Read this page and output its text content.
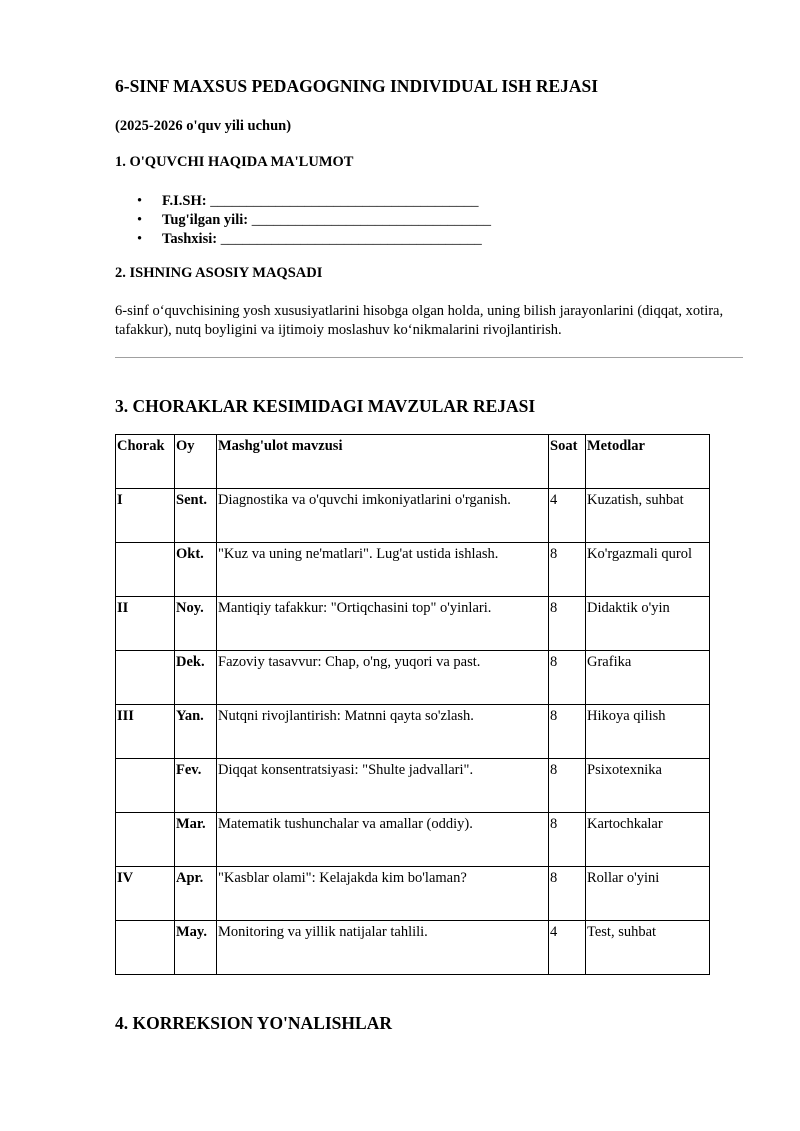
6-SINF MAXSUS PEDAGOGNING INDIVIDUAL ISH REJASI

(2025-2026 o'quv yili uchun)

1. O'QUVCHI HAQIDA MA'LUMOT
• F.I.SH: _____________________________________
• Tug'ilgan yili: _________________________________
• Tashxisi: ____________________________________
2. ISHNING ASOSIY MAQSADI

6-sinf o‘quvchisining yosh xususiyatlarini hisobga olgan holda, uning bilish jarayonlarini (diqqat, xotira, tafakkur), nutq boyligini va ijtimoiy moslashuv ko‘nikmalarini rivojlantirish.

3. CHORAKLAR KESIMIDAGI MAVZULAR REJASI
Chorak	Oy	Mashg'ulot mavzusi	Soat	Metodlar
I	Sent.	Diagnostika va o'quvchi imkoniyatlarini o'rganish.	4	Kuzatish, suhbat
	Okt.	"Kuz va uning ne'matlari". Lug'at ustida ishlash.	8	Ko'rgazmali qurol
II	Noy.	Mantiqiy tafakkur: "Ortiqchasini top" o'yinlari.	8	Didaktik o'yin
	Dek.	Fazoviy tasavvur: Chap, o'ng, yuqori va past.	8	Grafika
III	Yan.	Nutqni rivojlantirish: Matnni qayta so'zlash.	8	Hikoya qilish
	Fev.	Diqqat konsentratsiyasi: "Shulte jadvallari".	8	Psixotexnika
	Mar.	Matematik tushunchalar va amallar (oddiy).	8	Kartochkalar
IV	Apr.	"Kasblar olami": Kelajakda kim bo'laman?	8	Rollar o'yini
	May.	Monitoring va yillik natijalar tahlili.	4	Test, suhbat
4. KORREKSION YO'NALISHLAR
